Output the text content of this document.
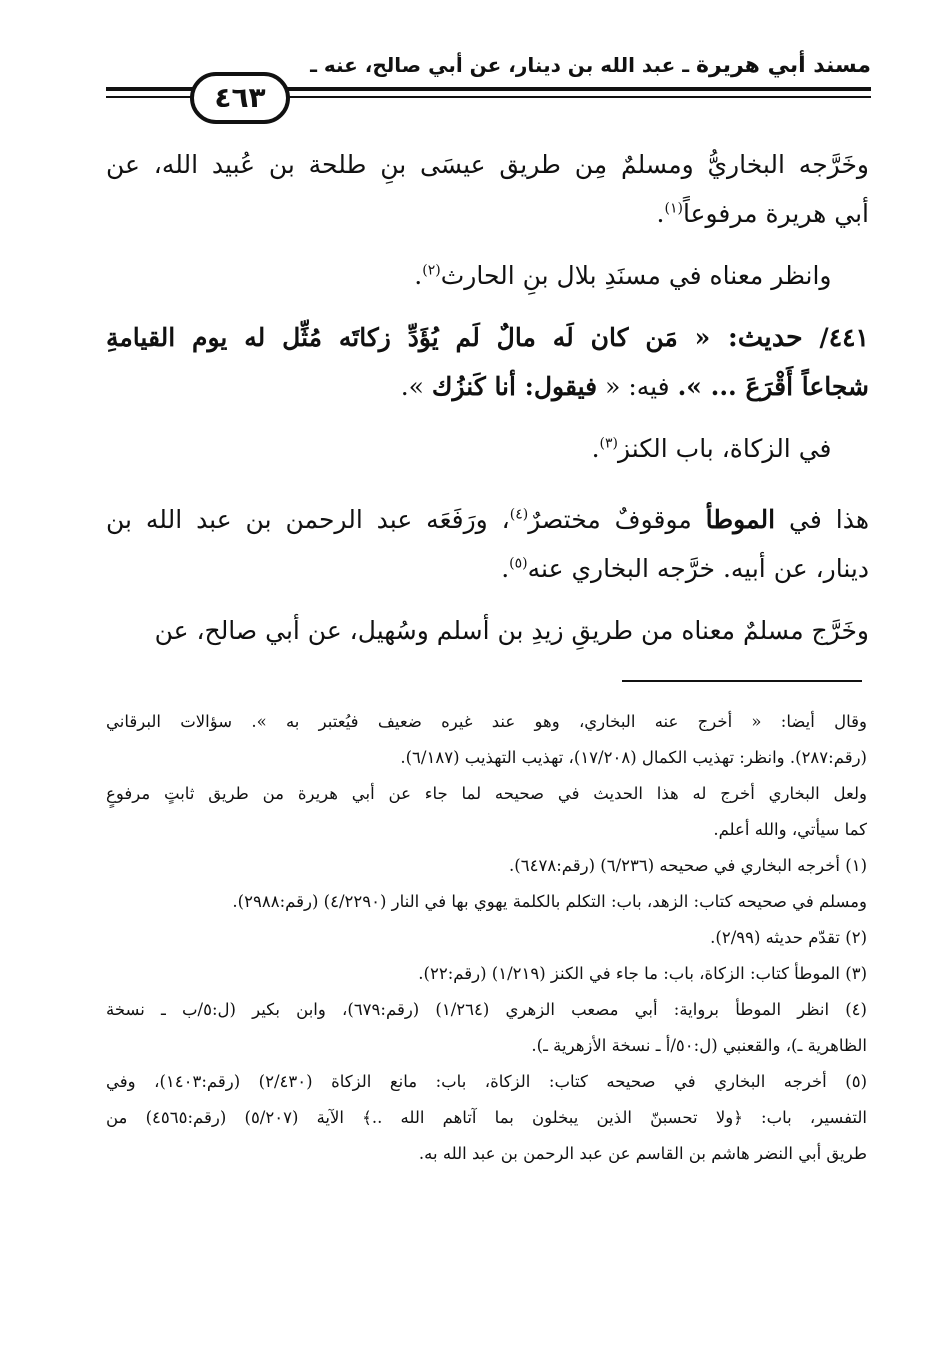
مسند أبي هريرة ـ عبد الله بن دينار، عن أبي صالح، عنه ـ
٤٦٣
وخَرَّجه البخاريُّ ومسلمٌ مِن طريق عيسَى بنِ طلحة بن عُبيد الله، عن
أبي هريرة مرفوعاً$^{(١)}$.
  وانظر معناه في مسنَدِ بلال بنِ الحارث$^{(٢)}$.
٤٤١/ حديث: « مَن كان لَه مالٌ لَم يُؤَدِّ زكاتَه مُثِّل له يوم القيامةِ
شجاعاً أَقْرَعَ ... ». فيه: « فيقول: أنا كَنزُك ».
  في الزكاة، باب الكنز$^{(٣)}$.
هذا في الموطأ موقوفٌ مختصرٌ$^{(٤)}$، ورَفَعَه عبد الرحمن بن عبد الله بن
دينار، عن أبيه. خرَّجه البخاري عنه$^{(٥)}$.
وخَرَّج مسلمٌ معناه من طريقِ زيدِ بن أسلم وسُهيل، عن أبي صالح، عن
وقال أيضا: « أخرج عنه البخاري، وهو عند غيره ضعيف فيُعتبر به ». سؤالات البرقاني
(رقم:٢٨٧). وانظر: تهذيب الكمال (١٧/٢٠٨)، تهذيب التهذيب (٦/١٨٧).
ولعل البخاري أخرج له هذا الحديث في صحيحه لما جاء عن أبي هريرة من طريق ثابتٍ مرفوعٍ
كما سيأتي، والله أعلم.
(١) أخرجه البخاري في صحيحه (٦/٢٣٦) (رقم:٦٤٧٨).
ومسلم في صحيحه كتاب: الزهد، باب: التكلم بالكلمة يهوي بها في النار (٤/٢٢٩٠) (رقم:٢٩٨٨).
(٢) تقدّم حديثه (٢/٩٩).
(٣) الموطأ كتاب: الزكاة، باب: ما جاء في الكنز (١/٢١٩) (رقم:٢٢).
(٤) انظر الموطأ برواية: أبي مصعب الزهري (١/٢٦٤) (رقم:٦٧٩)، وابن بكير (ل:٥/ب ـ نسخة
الظاهرية ـ)، والقعنبي (ل:٥٠/أ ـ نسخة الأزهرية ـ).
(٥) أخرجه البخاري في صحيحه كتاب: الزكاة، باب: مانع الزكاة (٢/٤٣٠) (رقم:١٤٠٣)، وفي
التفسير، باب: ﴿ولا تحسبنّ الذين يبخلون بما آتاهم الله ..﴾ الآية (٥/٢٠٧) (رقم:٤٥٦٥) من
طريق أبي النضر هاشم بن القاسم عن عبد الرحمن بن عبد الله به.
